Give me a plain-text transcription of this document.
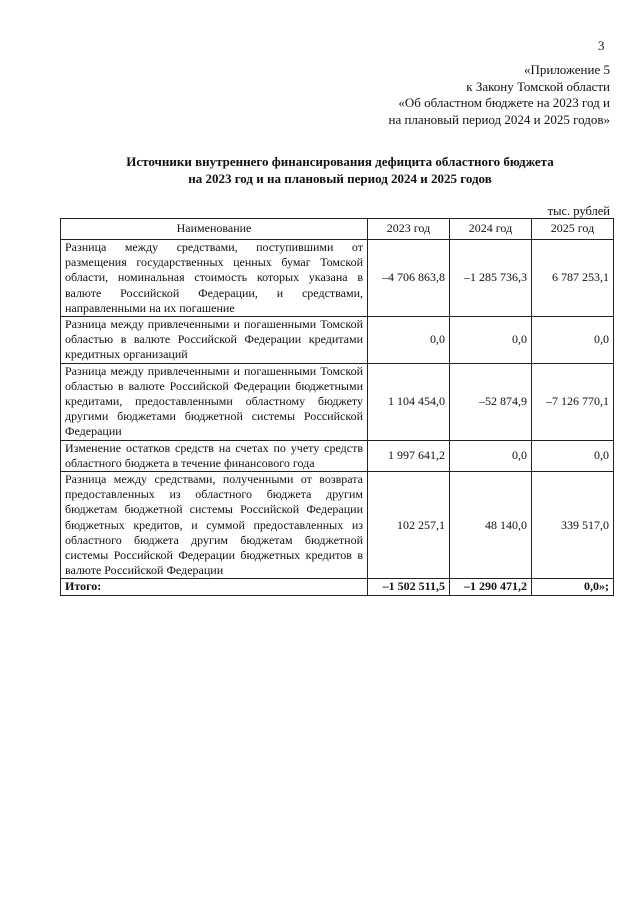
3
«Приложение 5
к Закону Томской области
«Об областном бюджете на 2023 год и
на плановый период 2024 и 2025 годов»
Источники внутреннего финансирования дефицита областного бюджета
на 2023 год и на плановый период 2024 и 2025 годов
тыс. рублей
Наименование	2023 год	2024 год	2025 год
Разница между средствами, поступившими от размещения государственных ценных бумаг Томской области, номинальная стоимость которых указана в валюте Российской Федерации, и средствами, направленными на их погашение	–4 706 863,8	–1 285 736,3	6 787 253,1
Разница между привлеченными и погашенными Томской областью в валюте Российской Федерации кредитами кредитных организаций	0,0	0,0	0,0
Разница между привлеченными и погашенными Томской областью в валюте Российской Федерации бюджетными кредитами, предоставленными областному бюджету другими бюджетами бюджетной системы Российской Федерации	1 104 454,0	–52 874,9	–7 126 770,1
Изменение остатков средств на счетах по учету средств областного бюджета в течение финансового года	1 997 641,2	0,0	0,0
Разница между средствами, полученными от возврата предоставленных из областного бюджета другим бюджетам бюджетной системы Российской Федерации бюджетных кредитов, и суммой предоставленных из областного бюджета другим бюджетам бюджетной системы Российской Федерации бюджетных кредитов в валюте Российской Федерации	102 257,1	48 140,0	339 517,0
Итого:	–1 502 511,5	–1 290 471,2	0,0»;
